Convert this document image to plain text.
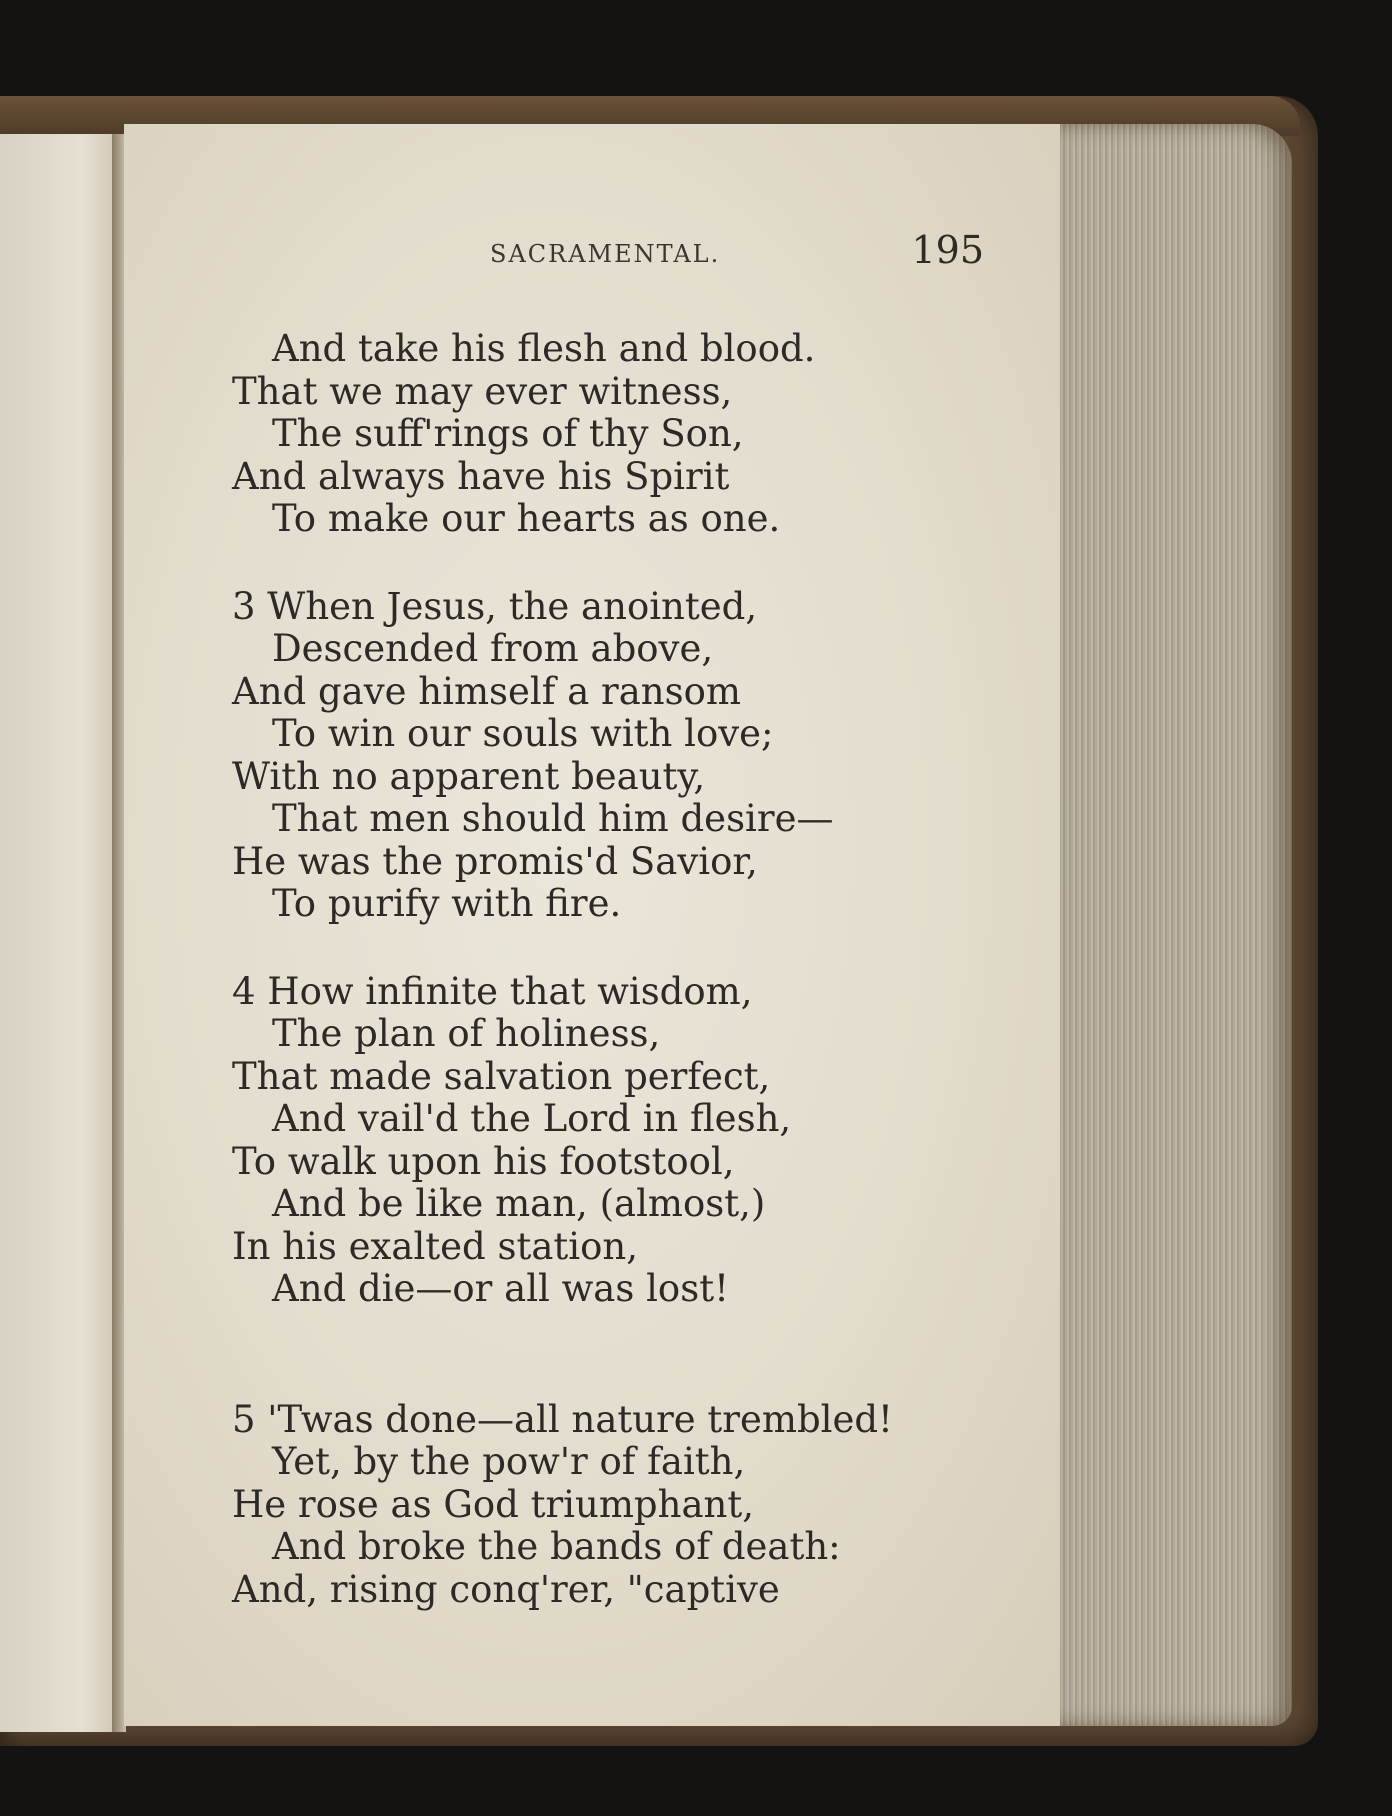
SACRAMENTAL.	195
And take his flesh and blood.
That we may ever witness,
The suff'rings of thy Son,
And always have his Spirit
To make our hearts as one.
3 When Jesus, the anointed,
Descended from above,
And gave himself a ransom
To win our souls with love;
With no apparent beauty,
That men should him desire—
He was the promis'd Savior,
To purify with fire.
4 How infinite that wisdom,
The plan of holiness,
That made salvation perfect,
And vail'd the Lord in flesh,
To walk upon his footstool,
And be like man, (almost,)
In his exalted station,
And die—or all was lost!
5 'Twas done—all nature trembled!
Yet, by the pow'r of faith,
He rose as God triumphant,
And broke the bands of death:
And, rising conq'rer, "captive
